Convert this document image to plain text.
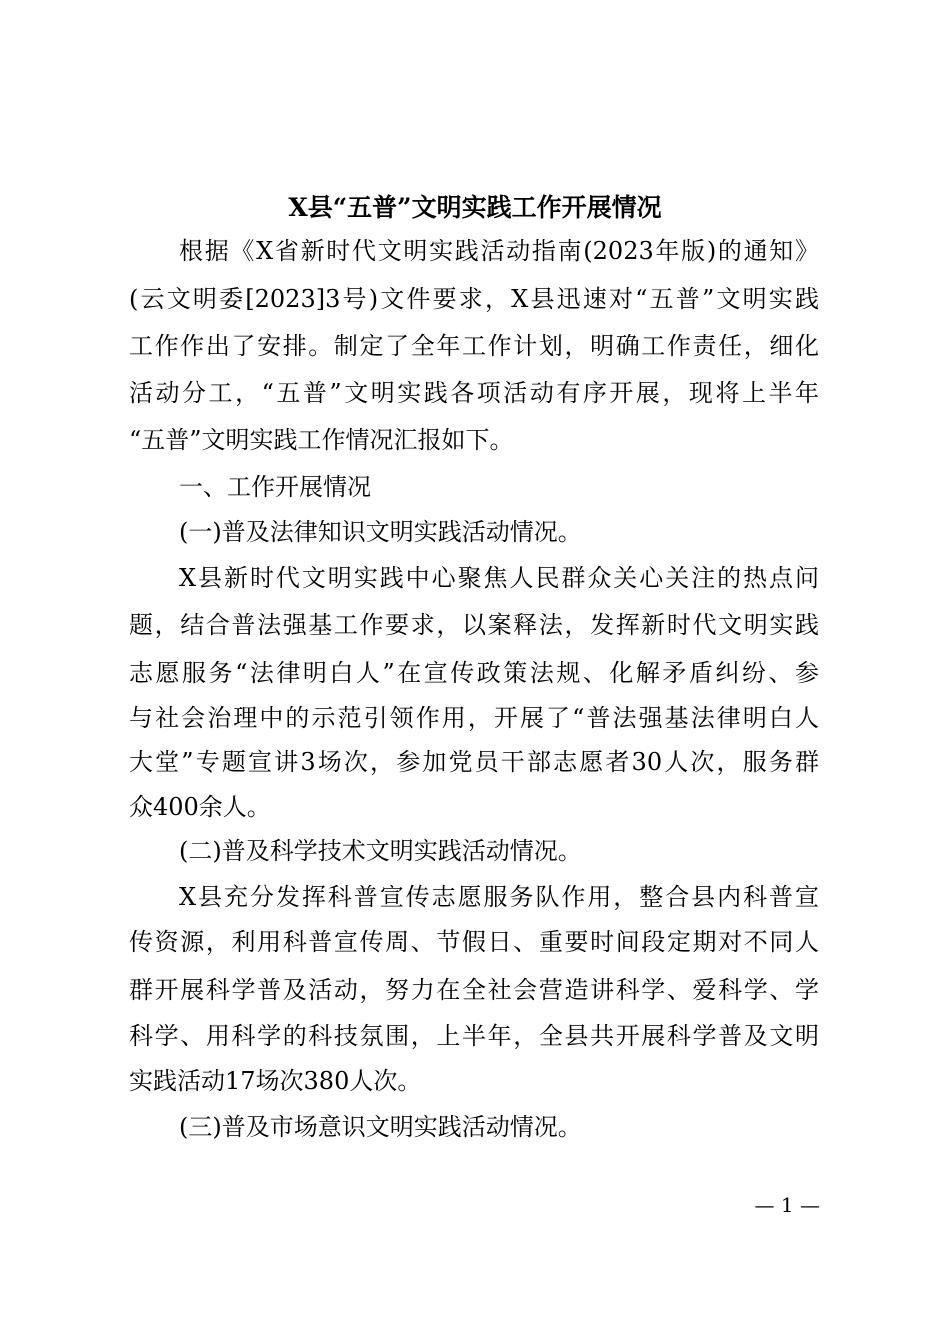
X县“五普”文明实践工作开展情况
根据《X省新时代文明实践活动指南(2023年版)的通知》
(云文明委[2023]3号)文件要求，X县迅速对“五普”文明实践
工作作出了安排。制定了全年工作计划，明确工作责任，细化
活动分工，“五普”文明实践各项活动有序开展，现将上半年
“五普”文明实践工作情况汇报如下。
一、工作开展情况
(一)普及法律知识文明实践活动情况。
X县新时代文明实践中心聚焦人民群众关心关注的热点问
题，结合普法强基工作要求，以案释法，发挥新时代文明实践
志愿服务“法律明白人”在宣传政策法规、化解矛盾纠纷、参
与社会治理中的示范引领作用，开展了“普法强基法律明白人
大堂”专题宣讲3场次，参加党员干部志愿者30人次，服务群
众400余人。
(二)普及科学技术文明实践活动情况。
X县充分发挥科普宣传志愿服务队作用，整合县内科普宣
传资源，利用科普宣传周、节假日、重要时间段定期对不同人
群开展科学普及活动，努力在全社会营造讲科学、爱科学、学
科学、用科学的科技氛围，上半年，全县共开展科学普及文明
实践活动17场次380人次。
(三)普及市场意识文明实践活动情况。
— 1 —
